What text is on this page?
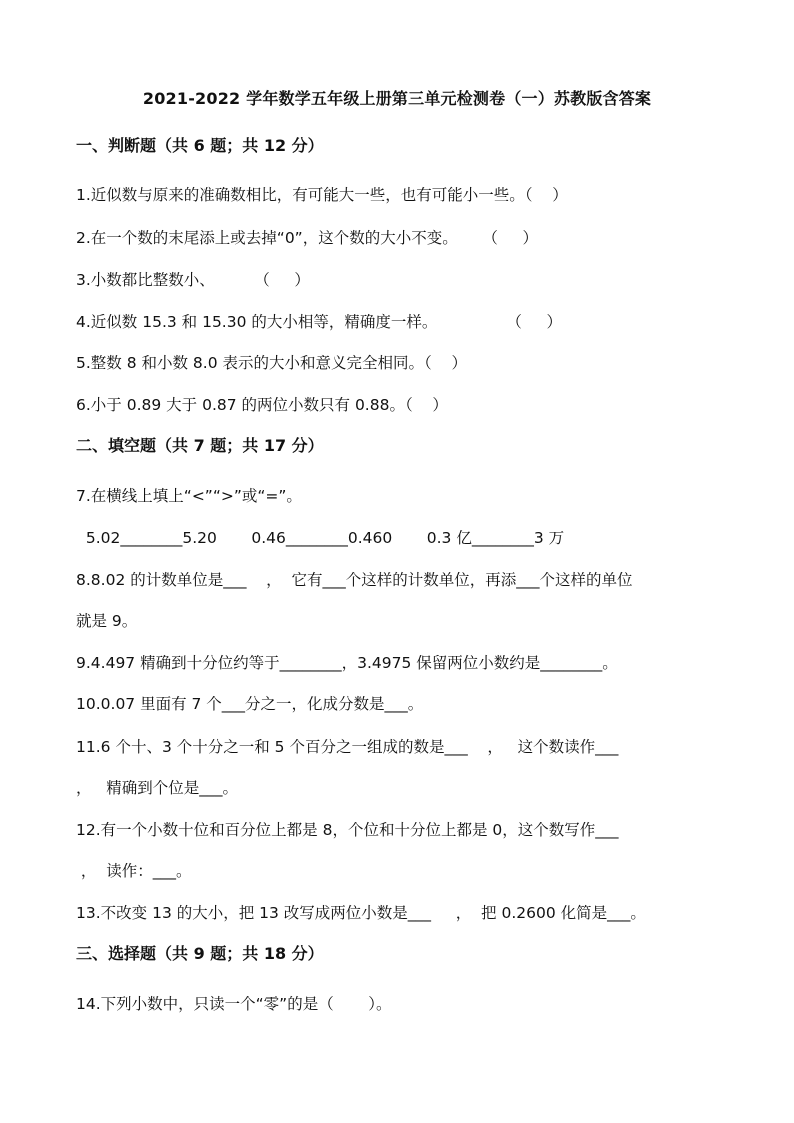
2021-2022 学年数学五年级上册第三单元检测卷（一）苏教版含答案
一、判断题（共 6 题；共 12 分）
1.近似数与原来的准确数相比，有可能大一些，也有可能小一些。（    ）
2.在一个数的末尾添上或去掉“0”，这个数的大小不变。     （     ）
3.小数都比整数小、        （     ）
4.近似数 15.3 和 15.30 的大小相等，精确度一样。              （     ）
5.整数 8 和小数 8.0 表示的大小和意义完全相同。（    ）
6.小于 0.89 大于 0.87 的两位小数只有 0.88。（    ）
二、填空题（共 7 题；共 17 分）
7.在横线上填上“<”“>”或“=”。
5.02________5.20       0.46________0.460       0.3 亿________3 万
8.8.02 的计数单位是___    ，  它有___个这样的计数单位，再添___个这样的单位
就是 9。
9.4.497 精确到十分位约等于________，3.4975 保留两位小数约是________。
10.0.07 里面有 7 个___分之一，化成分数是___。
11.6 个十、3 个十分之一和 5 个百分之一组成的数是___    ，   这个数读作___
，   精确到个位是___。
12.有一个小数十位和百分位上都是 8，个位和十分位上都是 0，这个数写作___
，  读作：___。
13.不改变 13 的大小，把 13 改写成两位小数是___     ，  把 0.2600 化简是___。
三、选择题（共 9 题；共 18 分）
14.下列小数中，只读一个“零”的是（       ）。
